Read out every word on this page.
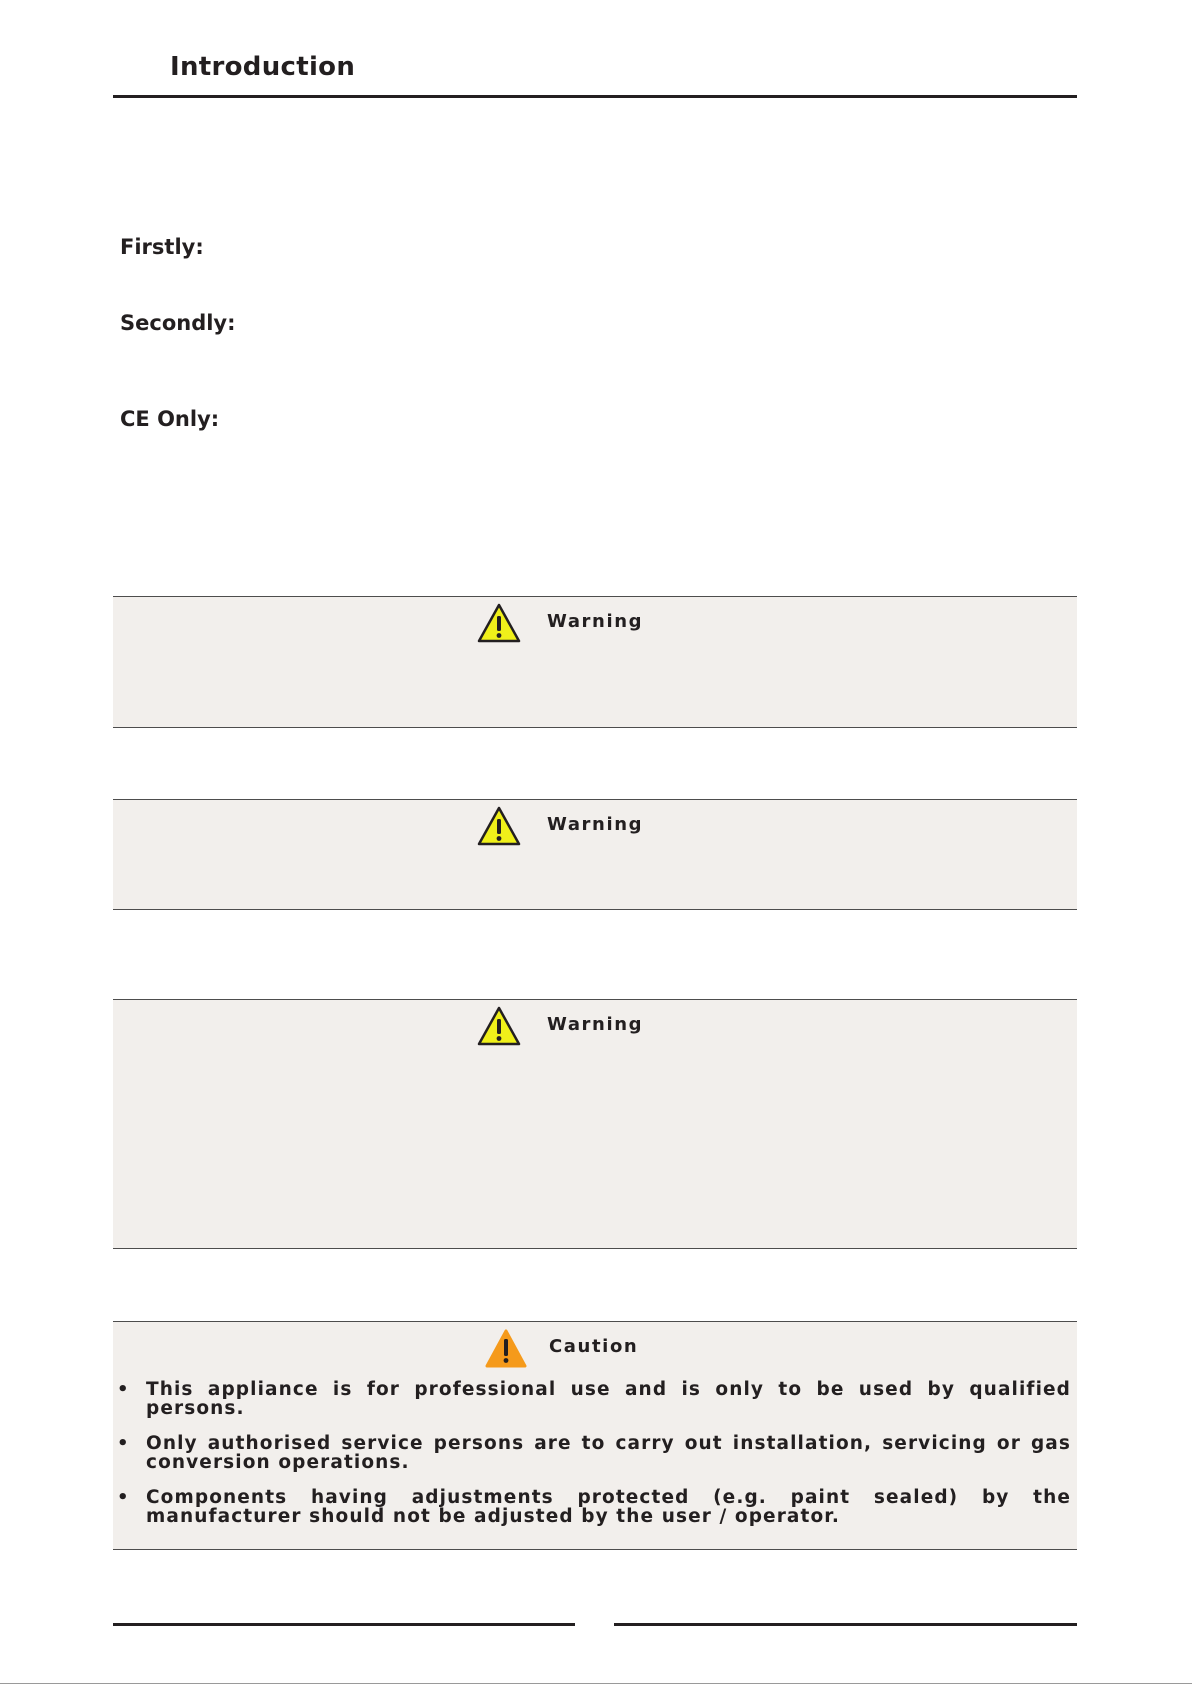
Introduction
Firstly:
Secondly:
CE Only:
Warning
Warning
Warning
Caution
• This appliance is for professional use and is only to be used by qualified persons.
• Only authorised service persons are to carry out installation, servicing or gas conversion operations.
• Components having adjustments protected (e.g. paint sealed) by the manufacturer should not be adjusted by the user / operator.
